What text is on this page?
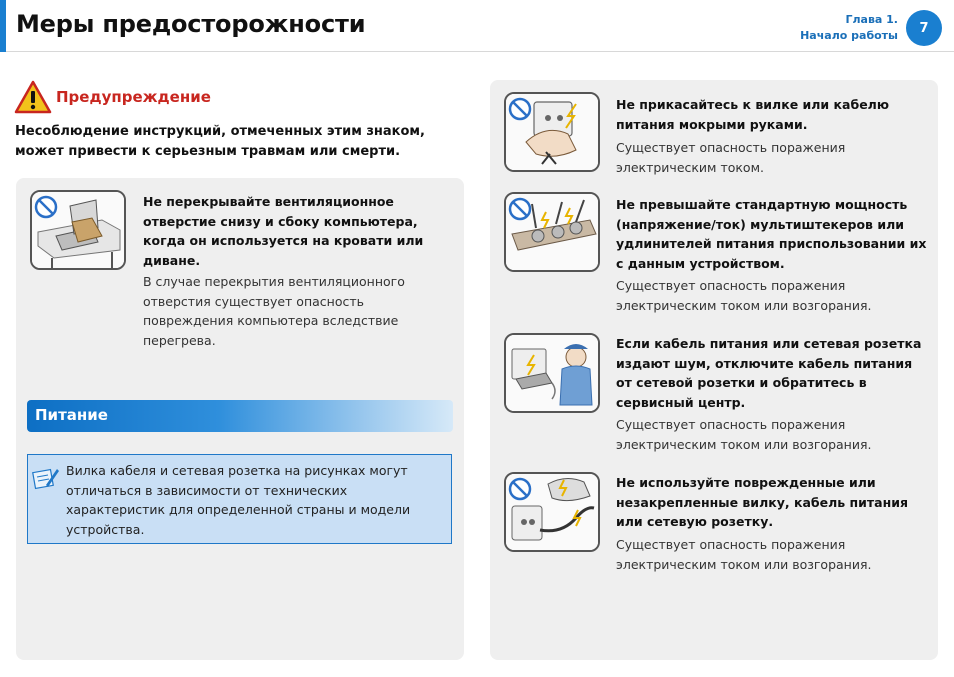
Меры предосторожности	Глава 1.
Начало работы	7
Предупреждение
Несоблюдение инструкций, отмеченных этим знаком, может привести к серьезным травмам или смерти.
Не перекрывайте вентиляционное отверстие снизу и сбоку компьютера, когда он используется на кровати или диване.
В случае перекрытия вентиляционного отверстия существует опасность повреждения компьютера вследствие перегрева.
Питание
Вилка кабеля и сетевая розетка на рисунках могут отличаться в зависимости от технических характеристик для определенной страны и модели устройства.
Не прикасайтесь к вилке или кабелю питания мокрыми руками.
Существует опасность поражения электрическим током.
Не превышайте стандартную мощность (напряжение/ток) мультиштекеров или удлинителей питания приспользовании их с данным устройством.
Существует опасность поражения электрическим током или возгорания.
Если кабель питания или сетевая розетка издают шум, отключите кабель питания от сетевой розетки и обратитесь в сервисный центр.
Существует опасность поражения электрическим током или возгорания.
Не используйте поврежденные или незакрепленные вилку, кабель питания или сетевую розетку.
Существует опасность поражения электрическим током или возгорания.
